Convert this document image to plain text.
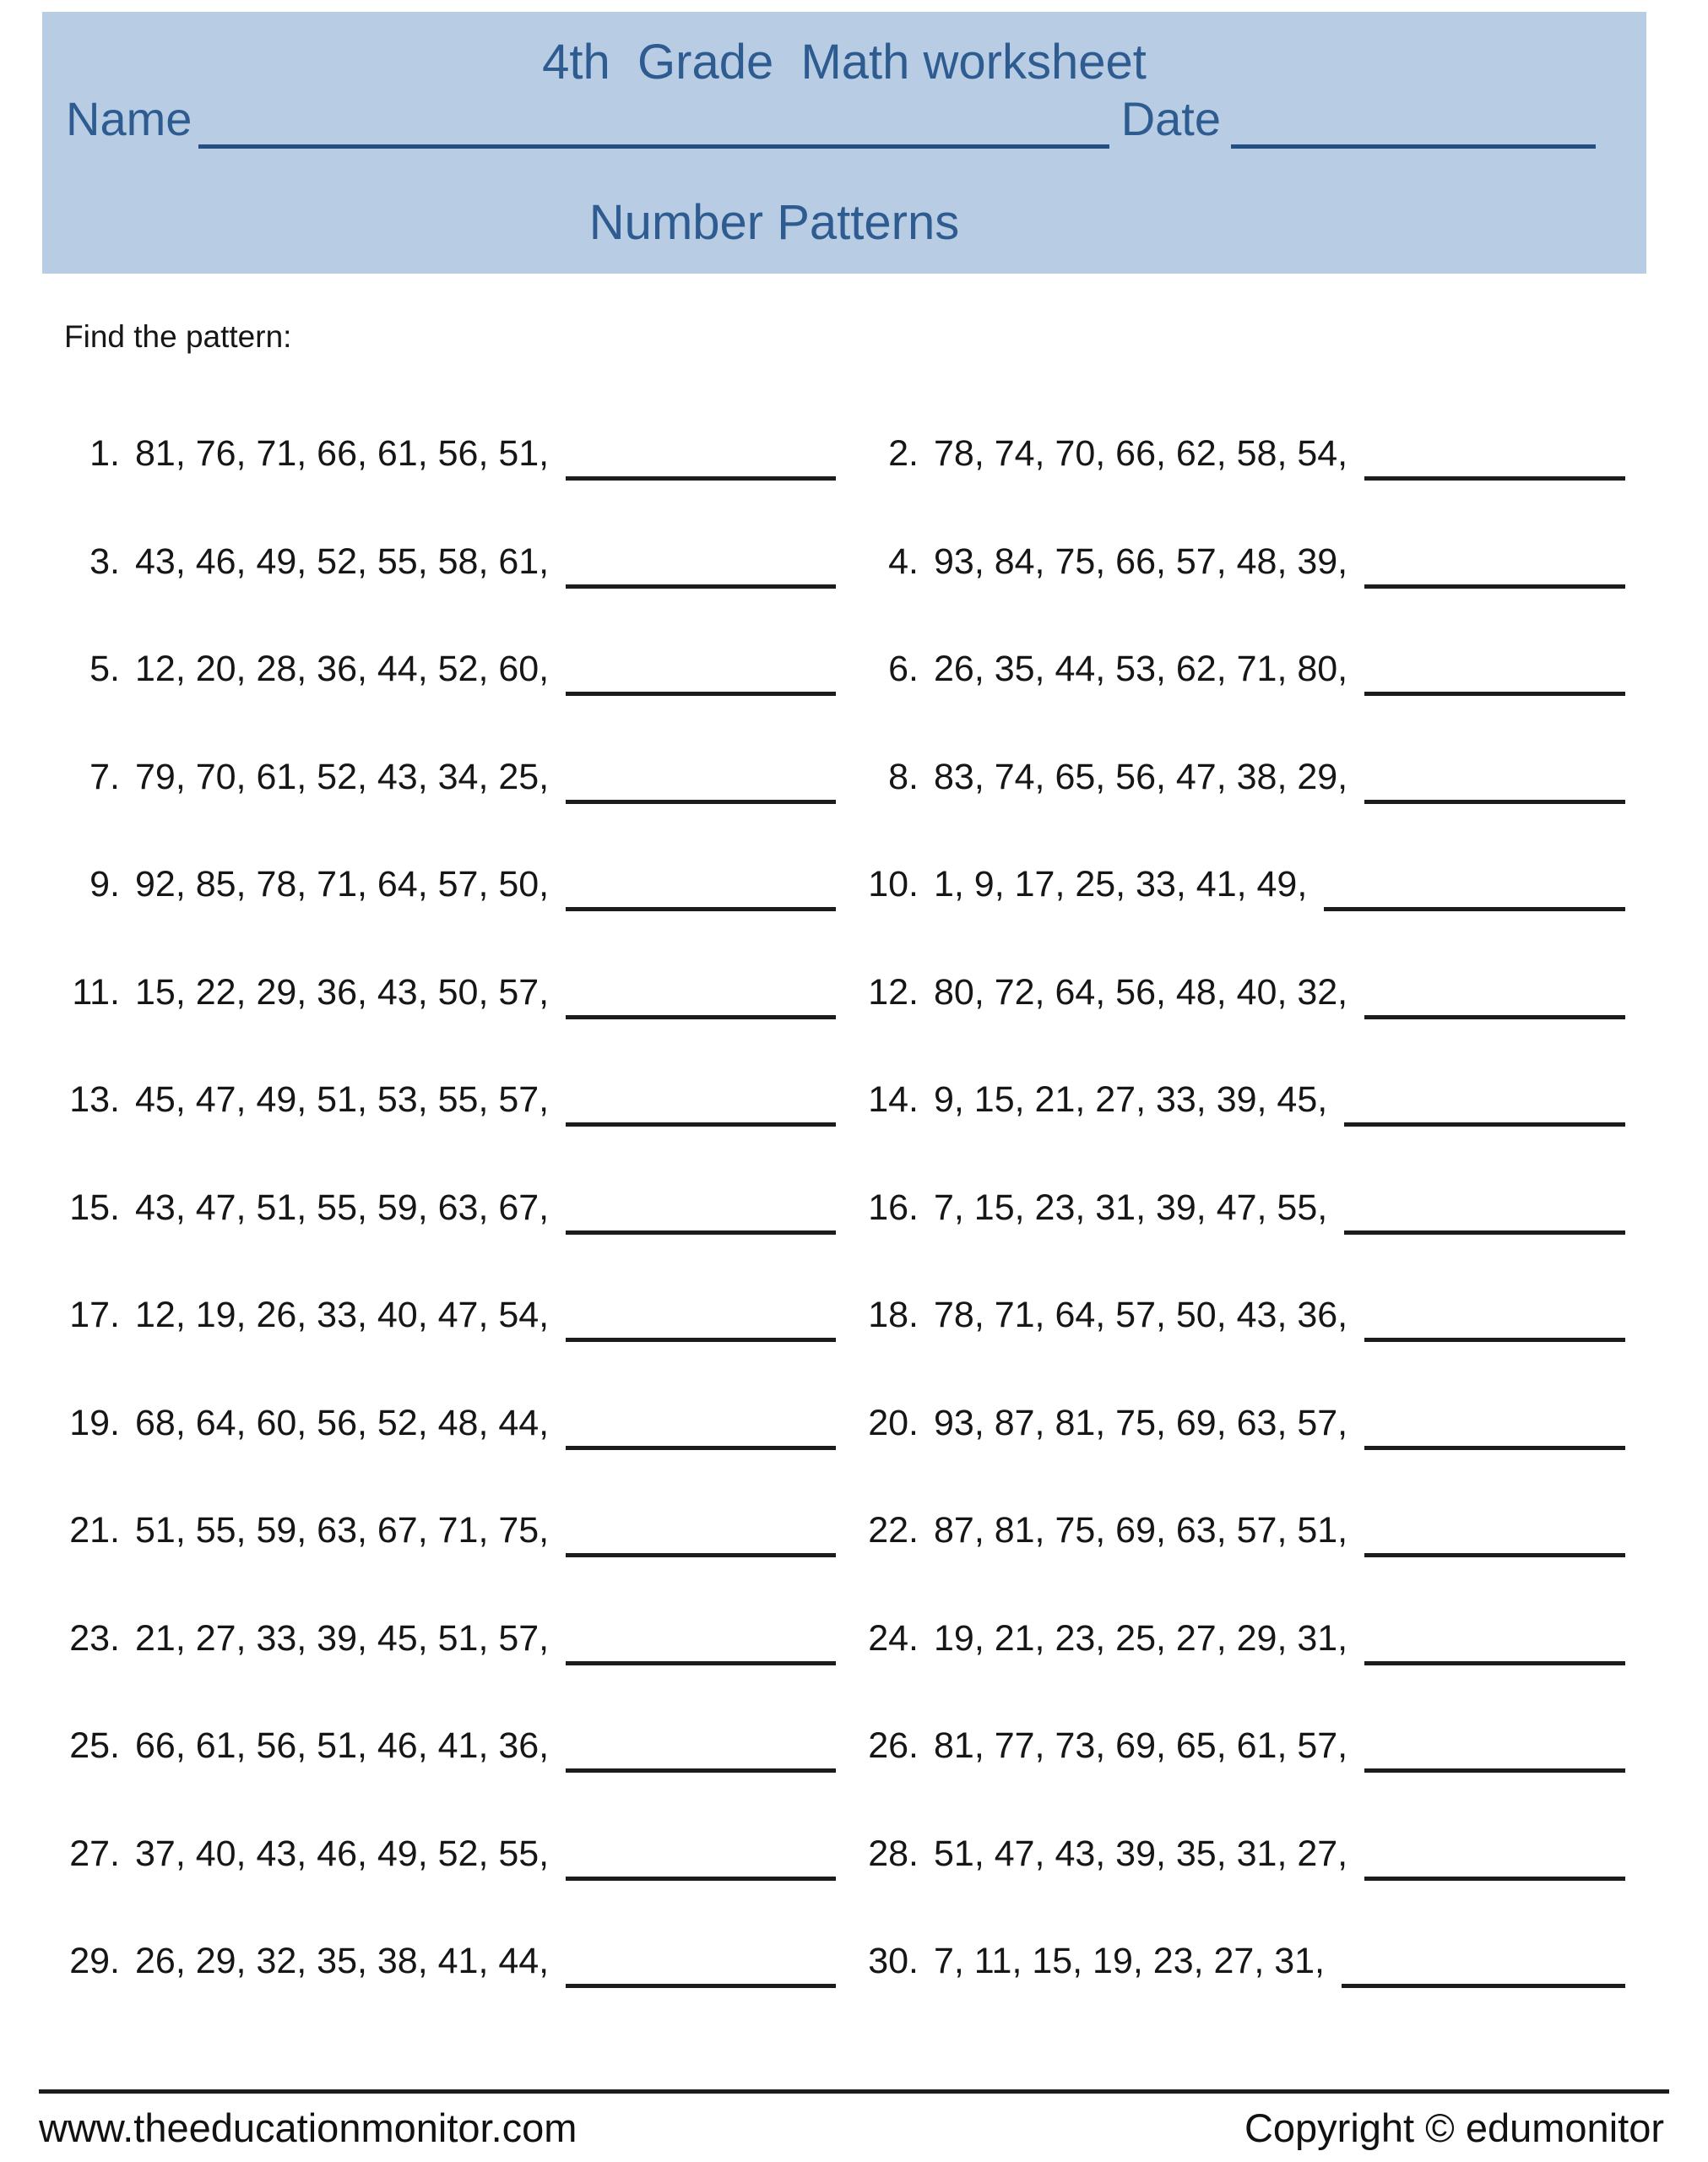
4th  Grade  Math worksheet
Name	Date
Number Patterns
Find the pattern:
1. 81, 76, 71, 66, 61, 56, 51,
3. 43, 46, 49, 52, 55, 58, 61,
5. 12, 20, 28, 36, 44, 52, 60,
7. 79, 70, 61, 52, 43, 34, 25,
9. 92, 85, 78, 71, 64, 57, 50,
11. 15, 22, 29, 36, 43, 50, 57,
13. 45, 47, 49, 51, 53, 55, 57,
15. 43, 47, 51, 55, 59, 63, 67,
17. 12, 19, 26, 33, 40, 47, 54,
19. 68, 64, 60, 56, 52, 48, 44,
21. 51, 55, 59, 63, 67, 71, 75,
23. 21, 27, 33, 39, 45, 51, 57,
25. 66, 61, 56, 51, 46, 41, 36,
27. 37, 40, 43, 46, 49, 52, 55,
29. 26, 29, 32, 35, 38, 41, 44,
2. 78, 74, 70, 66, 62, 58, 54,
4. 93, 84, 75, 66, 57, 48, 39,
6. 26, 35, 44, 53, 62, 71, 80,
8. 83, 74, 65, 56, 47, 38, 29,
10. 1, 9, 17, 25, 33, 41, 49,
12. 80, 72, 64, 56, 48, 40, 32,
14. 9, 15, 21, 27, 33, 39, 45,
16. 7, 15, 23, 31, 39, 47, 55,
18. 78, 71, 64, 57, 50, 43, 36,
20. 93, 87, 81, 75, 69, 63, 57,
22. 87, 81, 75, 69, 63, 57, 51,
24. 19, 21, 23, 25, 27, 29, 31,
26. 81, 77, 73, 69, 65, 61, 57,
28. 51, 47, 43, 39, 35, 31, 27,
30. 7, 11, 15, 19, 23, 27, 31,
www.theeducationmonitor.com	Copyright © edumonitor
